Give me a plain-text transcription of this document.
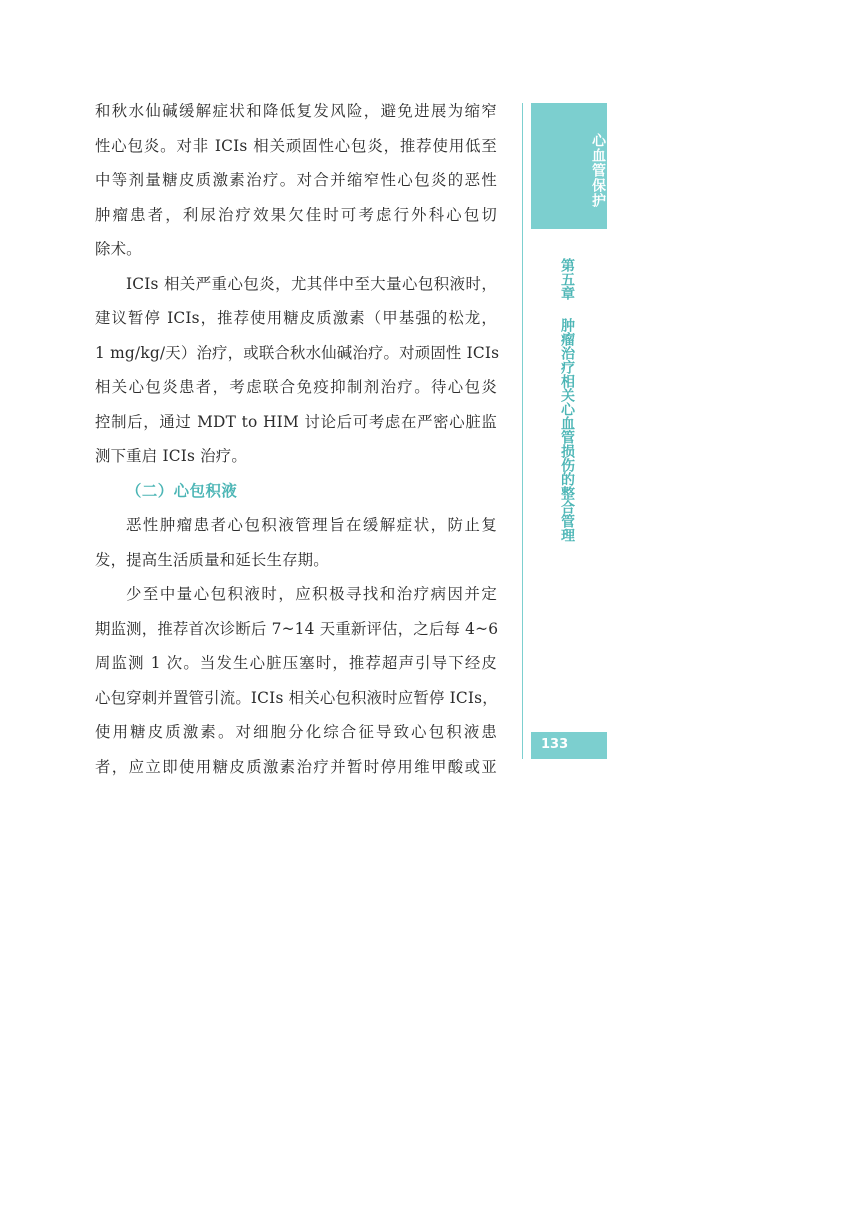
和秋水仙碱缓解症状和降低复发风险，避免进展为缩窄
性心包炎。对非 ICIs 相关顽固性心包炎，推荐使用低至
中等剂量糖皮质激素治疗。对合并缩窄性心包炎的恶性
肿瘤患者，利尿治疗效果欠佳时可考虑行外科心包切
除术。

ICIs 相关严重心包炎，尤其伴中至大量心包积液时，
建议暂停 ICIs，推荐使用糖皮质激素（甲基强的松龙，
1 mg/kg/天）治疗，或联合秋水仙碱治疗。对顽固性 ICIs
相关心包炎患者，考虑联合免疫抑制剂治疗。待心包炎
控制后，通过 MDT to HIM 讨论后可考虑在严密心脏监
测下重启 ICIs 治疗。

（二）心包积液

恶性肿瘤患者心包积液管理旨在缓解症状，防止复
发，提高生活质量和延长生存期。

少至中量心包积液时，应积极寻找和治疗病因并定
期监测，推荐首次诊断后 7~14 天重新评估，之后每 4~6
周监测 1 次。当发生心脏压塞时，推荐超声引导下经皮
心包穿刺并置管引流。ICIs 相关心包积液时应暂停 ICIs，
使用糖皮质激素。对细胞分化综合征导致心包积液患
者，应立即使用糖皮质激素治疗并暂时停用维甲酸或亚

心血管保护
第五章肿瘤治疗相关心血管损伤的整合管理
133
